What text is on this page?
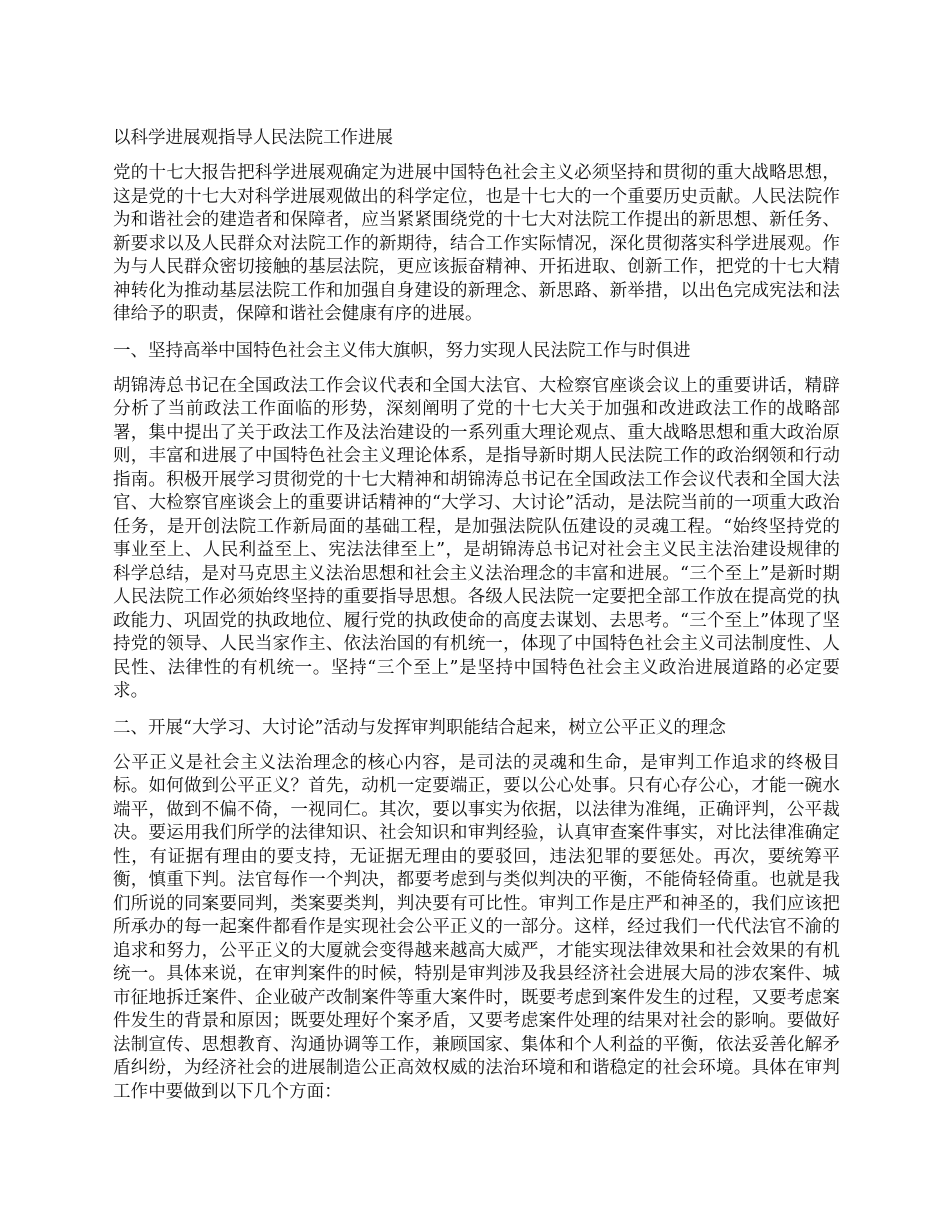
以科学进展观指导人民法院工作进展

党的十七大报告把科学进展观确定为进展中国特色社会主义必须坚持和贯彻的重大战略思想，这是党的十七大对科学进展观做出的科学定位，也是十七大的一个重要历史贡献。人民法院作为和谐社会的建造者和保障者，应当紧紧围绕党的十七大对法院工作提出的新思想、新任务、新要求以及人民群众对法院工作的新期待，结合工作实际情况，深化贯彻落实科学进展观。作为与人民群众密切接触的基层法院，更应该振奋精神、开拓进取、创新工作，把党的十七大精神转化为推动基层法院工作和加强自身建设的新理念、新思路、新举措，以出色完成宪法和法律给予的职责，保障和谐社会健康有序的进展。

一、坚持高举中国特色社会主义伟大旗帜，努力实现人民法院工作与时俱进

胡锦涛总书记在全国政法工作会议代表和全国大法官、大检察官座谈会议上的重要讲话，精辟分析了当前政法工作面临的形势，深刻阐明了党的十七大关于加强和改进政法工作的战略部署，集中提出了关于政法工作及法治建设的一系列重大理论观点、重大战略思想和重大政治原则，丰富和进展了中国特色社会主义理论体系，是指导新时期人民法院工作的政治纲领和行动指南。积极开展学习贯彻党的十七大精神和胡锦涛总书记在全国政法工作会议代表和全国大法官、大检察官座谈会上的重要讲话精神的“大学习、大讨论”活动，是法院当前的一项重大政治任务，是开创法院工作新局面的基础工程，是加强法院队伍建设的灵魂工程。“始终坚持党的事业至上、人民利益至上、宪法法律至上”，是胡锦涛总书记对社会主义民主法治建设规律的科学总结，是对马克思主义法治思想和社会主义法治理念的丰富和进展。“三个至上”是新时期人民法院工作必须始终坚持的重要指导思想。各级人民法院一定要把全部工作放在提高党的执政能力、巩固党的执政地位、履行党的执政使命的高度去谋划、去思考。“三个至上”体现了坚持党的领导、人民当家作主、依法治国的有机统一，体现了中国特色社会主义司法制度性、人民性、法律性的有机统一。坚持“三个至上”是坚持中国特色社会主义政治进展道路的必定要求。

二、开展“大学习、大讨论”活动与发挥审判职能结合起来，树立公平正义的理念

公平正义是社会主义法治理念的核心内容，是司法的灵魂和生命，是审判工作追求的终极目标。如何做到公平正义？首先，动机一定要端正，要以公心处事。只有心存公心，才能一碗水端平，做到不偏不倚，一视同仁。其次，要以事实为依据，以法律为准绳，正确评判，公平裁决。要运用我们所学的法律知识、社会知识和审判经验，认真审查案件事实，对比法律准确定性，有证据有理由的要支持，无证据无理由的要驳回，违法犯罪的要惩处。再次，要统筹平衡，慎重下判。法官每作一个判决，都要考虑到与类似判决的平衡，不能倚轻倚重。也就是我们所说的同案要同判，类案要类判，判决要有可比性。审判工作是庄严和神圣的，我们应该把所承办的每一起案件都看作是实现社会公平正义的一部分。这样，经过我们一代代法官不渝的追求和努力，公平正义的大厦就会变得越来越高大威严，才能实现法律效果和社会效果的有机统一。具体来说，在审判案件的时候，特别是审判涉及我县经济社会进展大局的涉农案件、城市征地拆迁案件、企业破产改制案件等重大案件时，既要考虑到案件发生的过程，又要考虑案件发生的背景和原因；既要处理好个案矛盾，又要考虑案件处理的结果对社会的影响。要做好法制宣传、思想教育、沟通协调等工作，兼顾国家、集体和个人利益的平衡，依法妥善化解矛盾纠纷，为经济社会的进展制造公正高效权威的法治环境和和谐稳定的社会环境。具体在审判工作中要做到以下几个方面：
